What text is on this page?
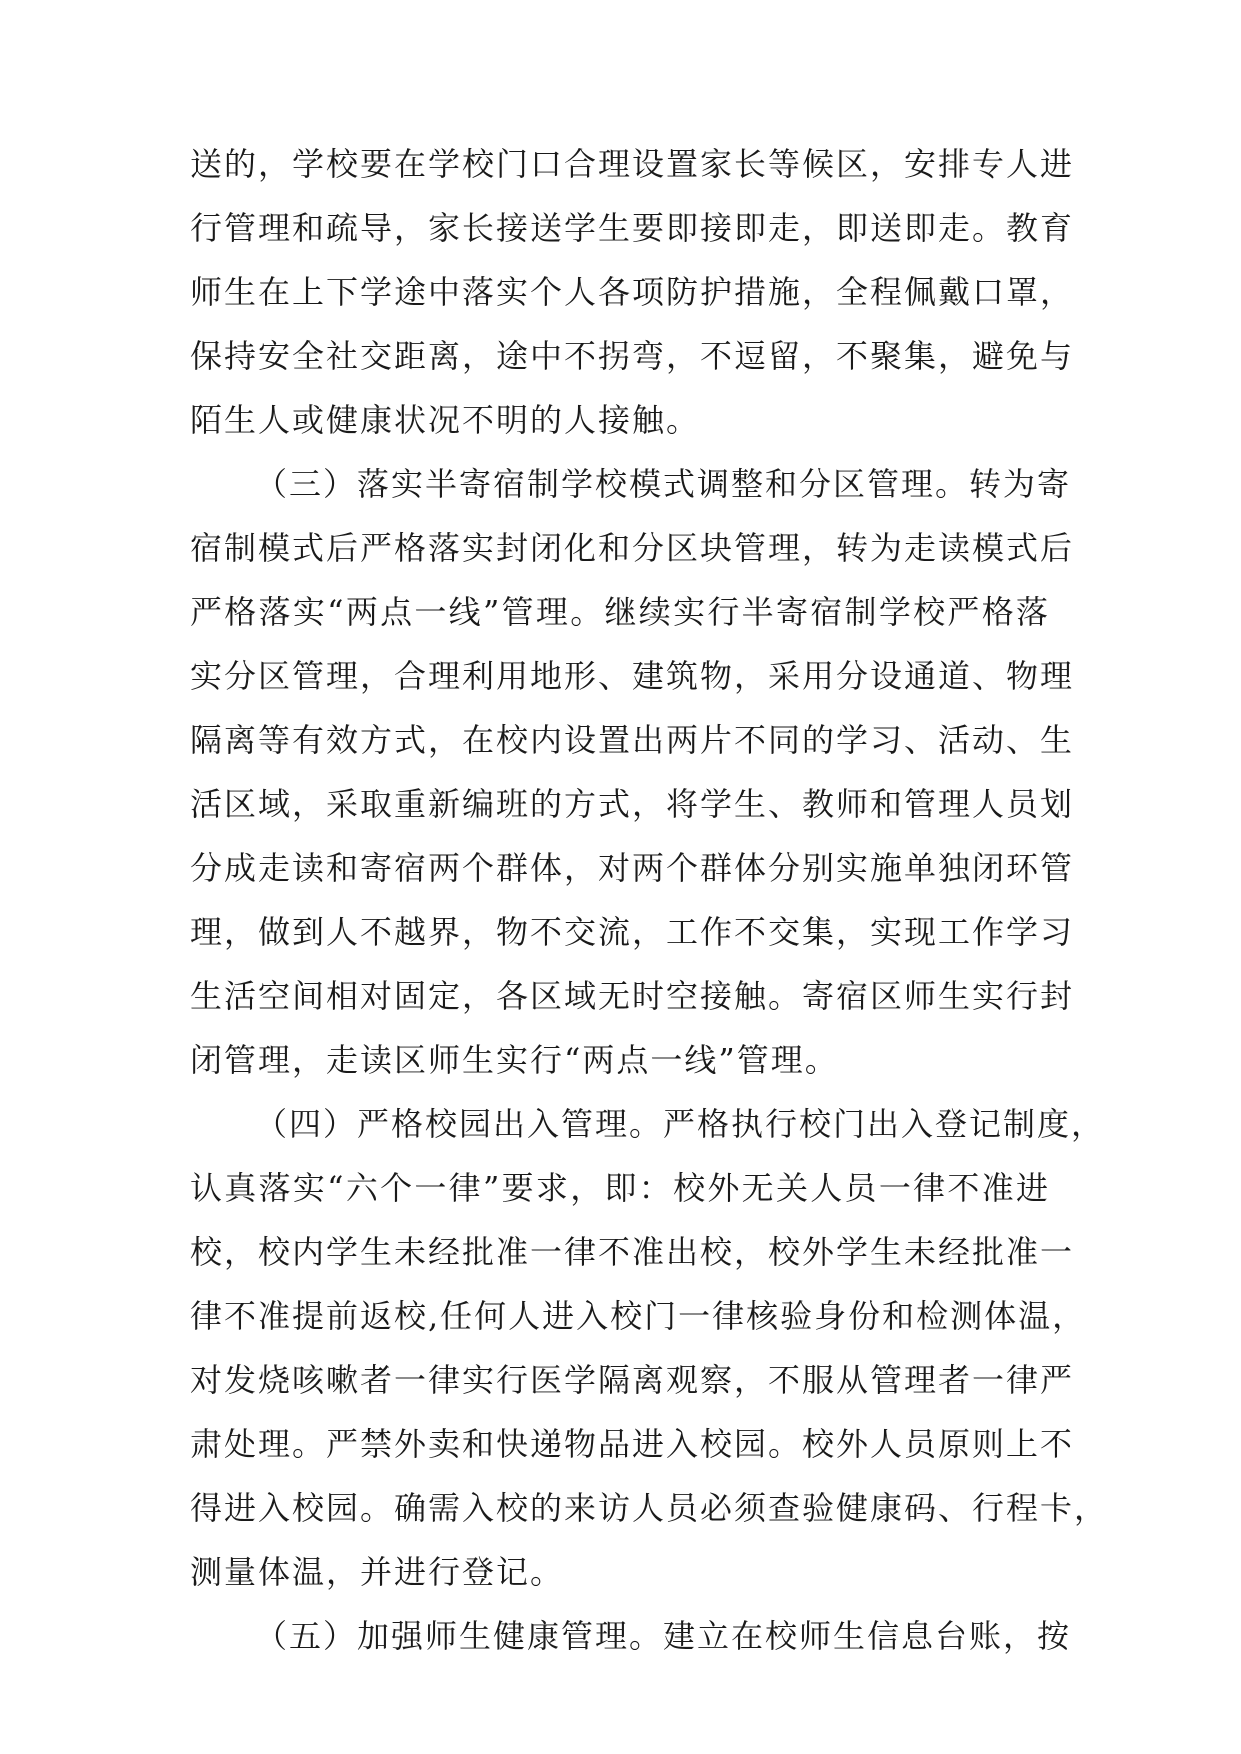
送的，学校要在学校门口合理设置家长等候区，安排专人进

行管理和疏导，家长接送学生要即接即走，即送即走。教育

师生在上下学途中落实个人各项防护措施，全程佩戴口罩，

保持安全社交距离，途中不拐弯，不逗留，不聚集，避免与

陌生人或健康状况不明的人接触。

（三）落实半寄宿制学校模式调整和分区管理。转为寄

宿制模式后严格落实封闭化和分区块管理，转为走读模式后

严格落实“两点一线”管理。继续实行半寄宿制学校严格落

实分区管理，合理利用地形、建筑物，采用分设通道、物理

隔离等有效方式，在校内设置出两片不同的学习、活动、生

活区域，采取重新编班的方式，将学生、教师和管理人员划

分成走读和寄宿两个群体，对两个群体分别实施单独闭环管

理，做到人不越界，物不交流，工作不交集，实现工作学习

生活空间相对固定，各区域无时空接触。寄宿区师生实行封

闭管理，走读区师生实行“两点一线”管理。

（四）严格校园出入管理。严格执行校门出入登记制度，

认真落实“六个一律”要求，即：校外无关人员一律不准进

校，校内学生未经批准一律不准出校，校外学生未经批准一

律不准提前返校,任何人进入校门一律核验身份和检测体温，

对发烧咳嗽者一律实行医学隔离观察，不服从管理者一律严

肃处理。严禁外卖和快递物品进入校园。校外人员原则上不

得进入校园。确需入校的来访人员必须查验健康码、行程卡，

测量体温，并进行登记。

（五）加强师生健康管理。建立在校师生信息台账，按
